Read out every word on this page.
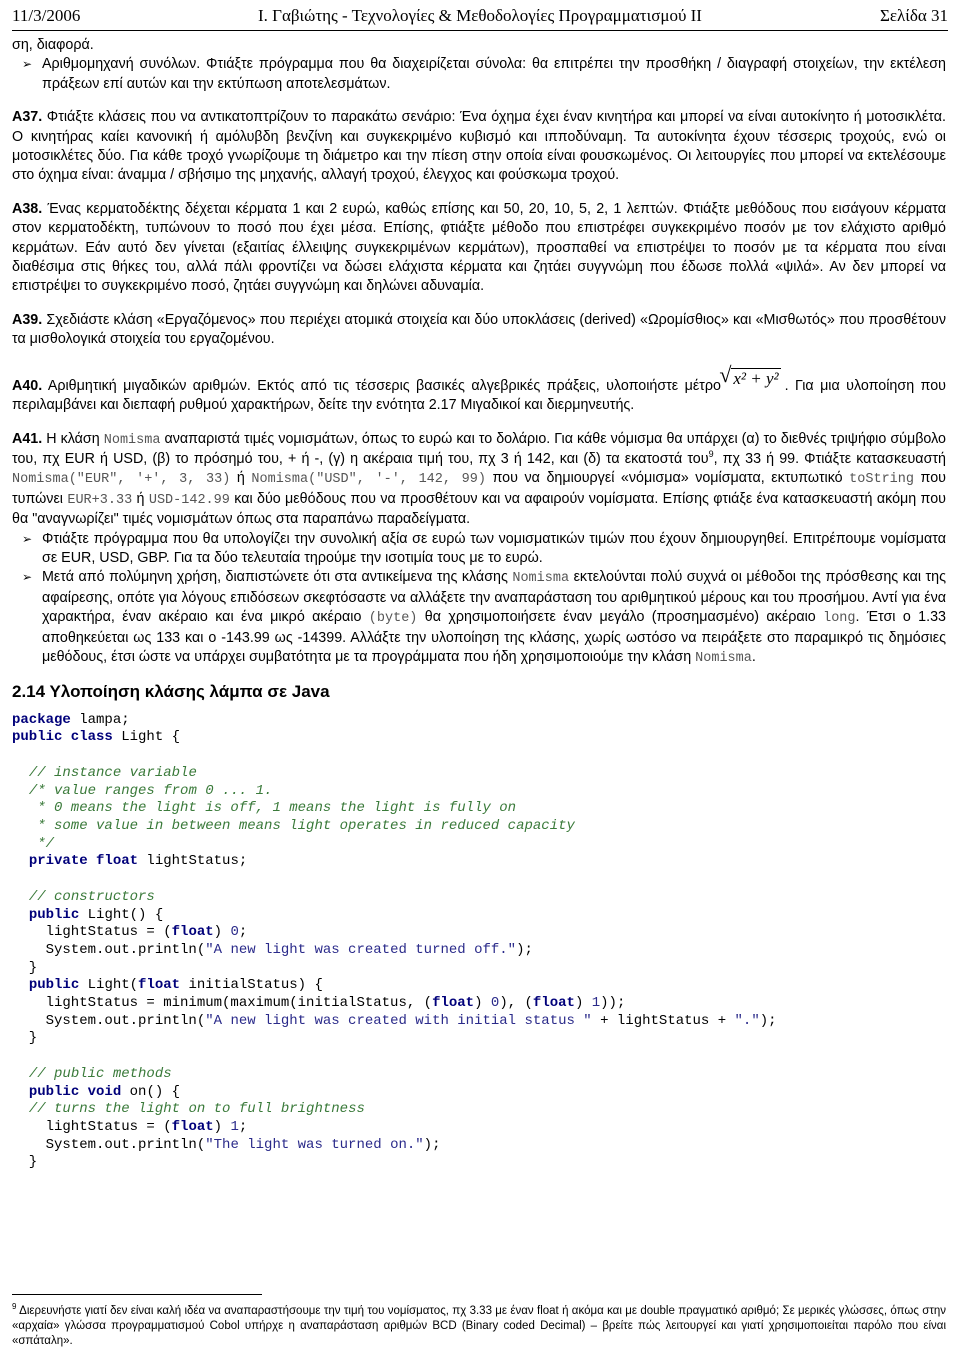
11/3/2006	Ι. Γαβιώτης - Τεχνολογίες & Μεθοδολογίες Προγραμματισμού ΙΙ	Σελίδα 31

ση, διαφορά.

➢ Αριθμομηχανή συνόλων. Φτιάξτε πρόγραμμα που θα διαχειρίζεται σύνολα: θα επιτρέπει την προσθήκη / διαγραφή στοιχείων, την εκτέλεση πράξεων επί αυτών και την εκτύπωση αποτελεσμάτων.

Α37. Φτιάξτε κλάσεις που να αντικατοπτρίζουν το παρακάτω σενάριο: Ένα όχημα έχει έναν κινητήρα και μπορεί να είναι αυτοκίνητο ή μοτοσικλέτα. Ο κινητήρας καίει κανονική ή αμόλυβδη βενζίνη και συγκεκριμένο κυβισμό και ιπποδύναμη. Τα αυτοκίνητα έχουν τέσσερις τροχούς, ενώ οι μοτοσικλέτες δύο. Για κάθε τροχό γνωρίζουμε τη διάμετρο και την πίεση στην οποία είναι φουσκωμένος. Οι λειτουργίες που μπορεί να εκτελέσουμε στο όχημα είναι: άναμμα / σβήσιμο της μηχανής, αλλαγή τροχού, έλεγχος και φούσκωμα τροχού.

Α38. Ένας κερματοδέκτης δέχεται κέρματα 1 και 2 ευρώ, καθώς επίσης και 50, 20, 10, 5, 2, 1 λεπτών. Φτιάξτε μεθόδους που εισάγουν κέρματα στον κερματοδέκτη, τυπώνουν το ποσό που έχει μέσα. Επίσης, φτιάξτε μέθοδο που επιστρέφει συγκεκριμένο ποσόν με τον ελάχιστο αριθμό κερμάτων. Εάν αυτό δεν γίνεται (εξαιτίας έλλειψης συγκεκριμένων κερμάτων), προσπαθεί να επιστρέψει το ποσόν με τα κέρματα που είναι διαθέσιμα στις θήκες του, αλλά πάλι φροντίζει να δώσει ελάχιστα κέρματα και ζητάει συγγνώμη που έδωσε πολλά «ψιλά». Αν δεν μπορεί να επιστρέψει το συγκεκριμένο ποσό, ζητάει συγγνώμη και δηλώνει αδυναμία.

Α39. Σχεδιάστε κλάση «Εργαζόμενος» που περιέχει ατομικά στοιχεία και δύο υποκλάσεις (derived) «Ωρομίσθιος» και «Μισθωτός» που προσθέτουν τα μισθολογικά στοιχεία του εργαζομένου.

Α40. Αριθμητική μιγαδικών αριθμών. Εκτός από τις τέσσερις βασικές αλγεβρικές πράξεις, υλοποιήστε μέτρο
√ x² + y² . Για μια υλοποίηση που περιλαμβάνει και διεπαφή ρυθμού χαρακτήρων, δείτε την ενότητα 2.17 Μιγαδικοί και διερμηνευτής.

Α41. Η κλάση Nomisma αναπαριστά τιμές νομισμάτων, όπως το ευρώ και το δολάριο. Για κάθε νόμισμα θα υπάρχει (α) το διεθνές τριψήφιο σύμβολο του, πχ EUR ή USD, (β) το πρόσημό του, + ή -, (γ) η ακέραια τιμή του, πχ 3 ή 142, και (δ) τα εκατοστά του$^9$, πχ 33 ή 99. Φτιάξτε κατασκευαστή Nomisma("EUR", '+', 3, 33) ή Nomisma("USD", '-', 142, 99) που να δημιουργεί «νόμισμα» νομίσματα, εκτυπωτικό toString που τυπώνει EUR+3.33 ή USD-142.99 και δύο μεθόδους που να προσθέτουν και να αφαιρούν νομίσματα. Επίσης φτιάξε ένα κατασκευαστή ακόμη που θα "αναγνωρίζει" τιμές νομισμάτων όπως στα παραπάνω παραδείγματα.

➢ Φτιάξτε πρόγραμμα που θα υπολογίζει την συνολική αξία σε ευρώ των νομισματικών τιμών που έχουν δημιουργηθεί. Επιτρέπουμε νομίσματα σε EUR, USD, GBP. Για τα δύο τελευταία τηρούμε την ισοτιμία τους με το ευρώ.

➢ Μετά από πολύμηνη χρήση, διαπιστώνετε ότι στα αντικείμενα της κλάσης Nomisma εκτελούνται πολύ συχνά οι μέθοδοι της πρόσθεσης και της αφαίρεσης, οπότε για λόγους επιδόσεων σκεφτόσαστε να αλλάξετε την αναπαράσταση του αριθμητικού μέρους και του προσήμου. Αντί για ένα χαρακτήρα, έναν ακέραιο και ένα μικρό ακέραιο (byte) θα χρησιμοποιήσετε έναν μεγάλο (προσημασμένο) ακέραιο long. Έτσι ο 1.33 αποθηκεύεται ως 133 και ο -143.99 ως -14399. Αλλάξτε την υλοποίηση της κλάσης, χωρίς ωστόσο να πειράξετε στο παραμικρό τις δημόσιες μεθόδους, έτσι ώστε να υπάρχει συμβατότητα με τα προγράμματα που ήδη χρησιμοποιούμε την κλάση Nomisma.

2.14 Υλοποίηση κλάσης λάμπα σε Java
package lampa;
public class Light {

// instance variable
/* value ranges from 0 ... 1.
* 0 means the light is off, 1 means the light is fully on
* some value in between means light operates in reduced capacity
*/
private float lightStatus;

// constructors
public Light() {
lightStatus = (float) 0;
System.out.println("A new light was created turned off.");
}
public Light(float initialStatus) {
lightStatus = minimum(maximum(initialStatus, (float) 0), (float) 1));
System.out.println("A new light was created with initial status " + lightStatus + ".");
}

// public methods
public void on() {
// turns the light on to full brightness
lightStatus = (float) 1;
System.out.println("The light was turned on.");
}
$^9$ Διερευνήστε γιατί δεν είναι καλή ιδέα να αναπαραστήσουμε την τιμή του νομίσματος, πχ 3.33 με έναν float ή ακόμα και με double πραγματικό αριθμό; Σε μερικές γλώσσες, όπως στην «αρχαία» γλώσσα προγραμματισμού Cobol υπήρχε η αναπαράσταση αριθμών BCD (Binary coded Decimal) – βρείτε πώς λειτουργεί και γιατί χρησιμοποιείται παρόλο που είναι «σπάταλη».
